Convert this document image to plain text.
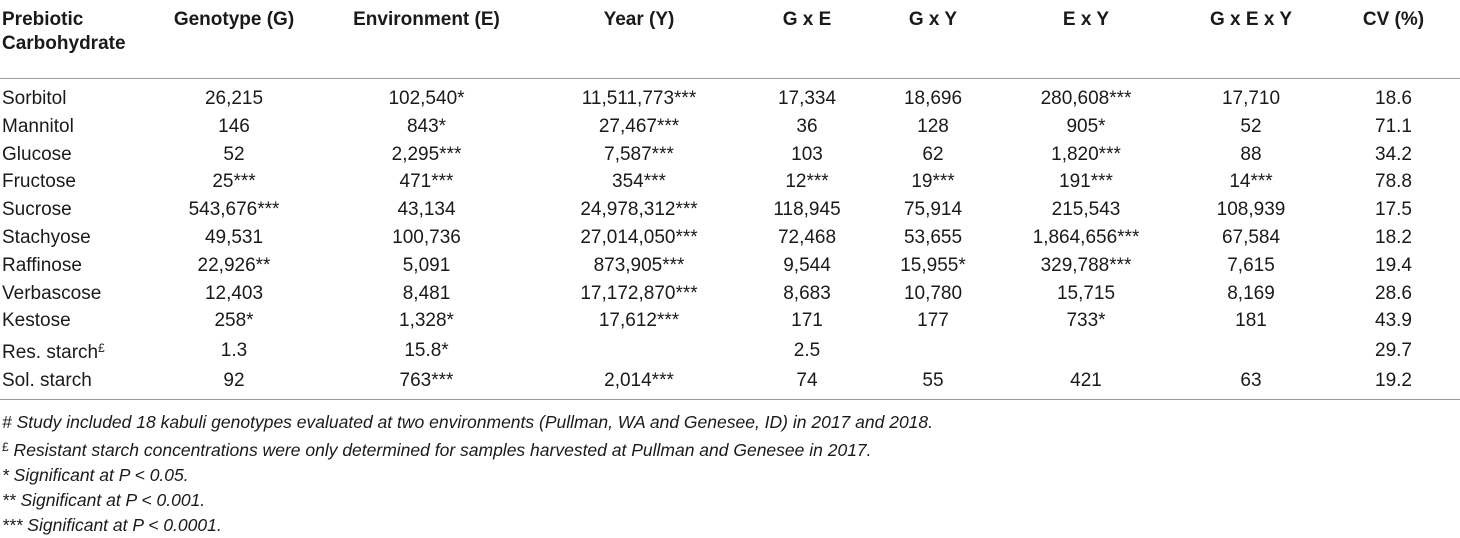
Prebiotic
Carbohydrate	Genotype (G)	Environment (E)	Year (Y)	G x E	G x Y	E x Y	G x E x Y	CV (%)
Sorbitol	26,215	102,540*	11,511,773***	17,334	18,696	280,608***	17,710	18.6
Mannitol	146	843*	27,467***	36	128	905*	52	71.1
Glucose	52	2,295***	7,587***	103	62	1,820***	88	34.2
Fructose	25***	471***	354***	12***	19***	191***	14***	78.8
Sucrose	543,676***	43,134	24,978,312***	118,945	75,914	215,543	108,939	17.5
Stachyose	49,531	100,736	27,014,050***	72,468	53,655	1,864,656***	67,584	18.2
Raffinose	22,926**	5,091	873,905***	9,544	15,955*	329,788***	7,615	19.4
Verbascose	12,403	8,481	17,172,870***	8,683	10,780	15,715	8,169	28.6
Kestose	258*	1,328*	17,612***	171	177	733*	181	43.9
Res. starch£	1.3	15.8*		2.5				29.7
Sol. starch	92	763***	2,014***	74	55	421	63	19.2
# Study included 18 kabuli genotypes evaluated at two environments (Pullman, WA and Genesee, ID) in 2017 and 2018.
£ Resistant starch concentrations were only determined for samples harvested at Pullman and Genesee in 2017.
* Significant at P < 0.05.
** Significant at P < 0.001.
*** Significant at P < 0.0001.
